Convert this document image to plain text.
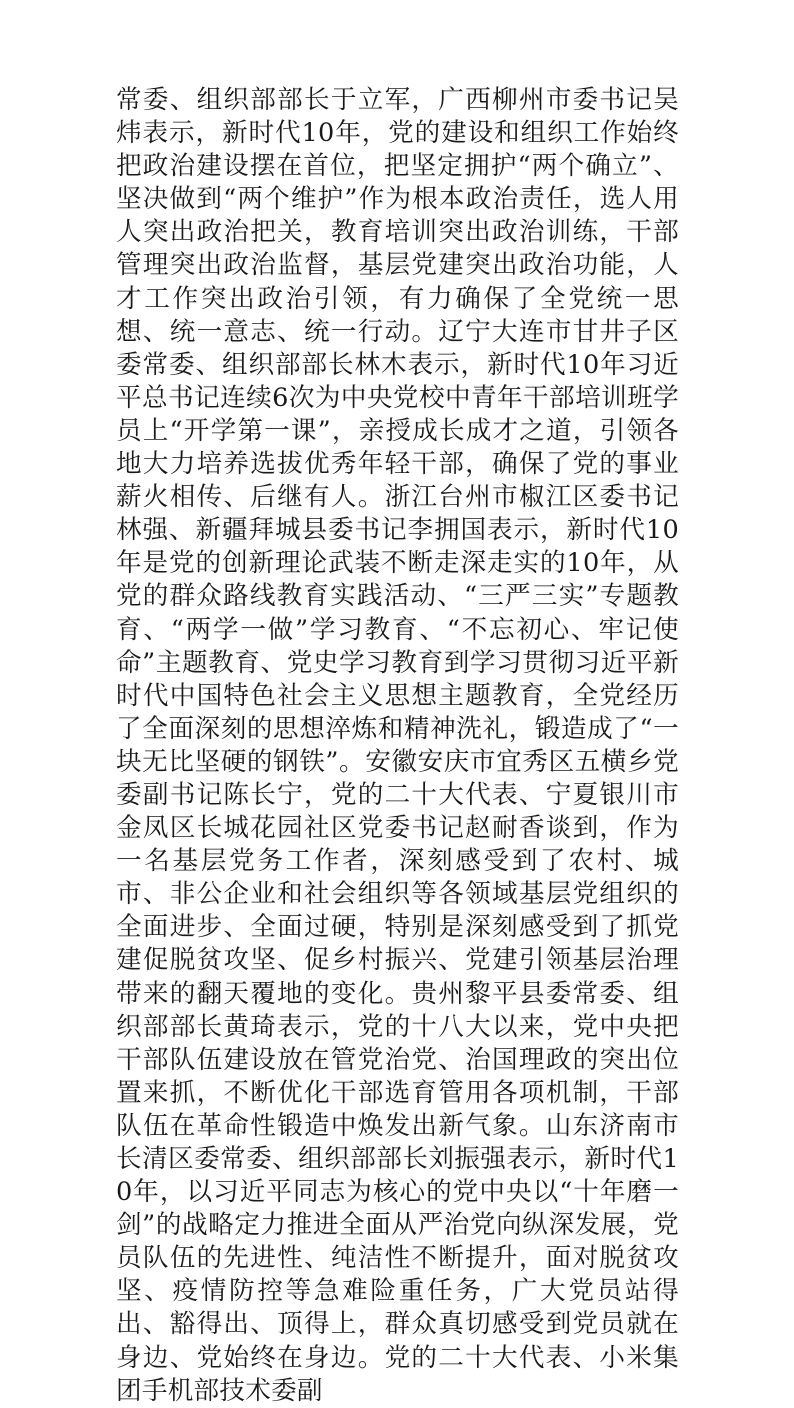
常委、组织部部长于立军，广西柳州市委书记吴炜表示，新时代10年，党的建设和组织工作始终把政治建设摆在首位，把坚定拥护“两个确立”、坚决做到“两个维护”作为根本政治责任，选人用人突出政治把关，教育培训突出政治训练，干部管理突出政治监督，基层党建突出政治功能，人才工作突出政治引领，有力确保了全党统一思想、统一意志、统一行动。辽宁大连市甘井子区委常委、组织部部长林木表示，新时代10年习近平总书记连续6次为中央党校中青年干部培训班学员上“开学第一课”，亲授成长成才之道，引领各地大力培养选拔优秀年轻干部，确保了党的事业薪火相传、后继有人。浙江台州市椒江区委书记林强、新疆拜城县委书记李拥国表示，新时代10年是党的创新理论武装不断走深走实的10年，从党的群众路线教育实践活动、“三严三实”专题教育、“两学一做”学习教育、“不忘初心、牢记使命”主题教育、党史学习教育到学习贯彻习近平新时代中国特色社会主义思想主题教育，全党经历了全面深刻的思想淬炼和精神洗礼，锻造成了“一块无比坚硬的钢铁”。安徽安庆市宜秀区五横乡党委副书记陈长宁，党的二十大代表、宁夏银川市金凤区长城花园社区党委书记赵耐香谈到，作为一名基层党务工作者，深刻感受到了农村、城市、非公企业和社会组织等各领域基层党组织的全面进步、全面过硬，特别是深刻感受到了抓党建促脱贫攻坚、促乡村振兴、党建引领基层治理带来的翻天覆地的变化。贵州黎平县委常委、组织部部长黄琦表示，党的十八大以来，党中央把干部队伍建设放在管党治党、治国理政的突出位置来抓，不断优化干部选育管用各项机制，干部队伍在革命性锻造中焕发出新气象。山东济南市长清区委常委、组织部部长刘振强表示，新时代10年，以习近平同志为核心的党中央以“十年磨一剑”的战略定力推进全面从严治党向纵深发展，党员队伍的先进性、纯洁性不断提升，面对脱贫攻坚、疫情防控等急难险重任务，广大党员站得出、豁得出、顶得上，群众真切感受到党员就在身边、党始终在身边。党的二十大代表、小米集团手机部技术委副
